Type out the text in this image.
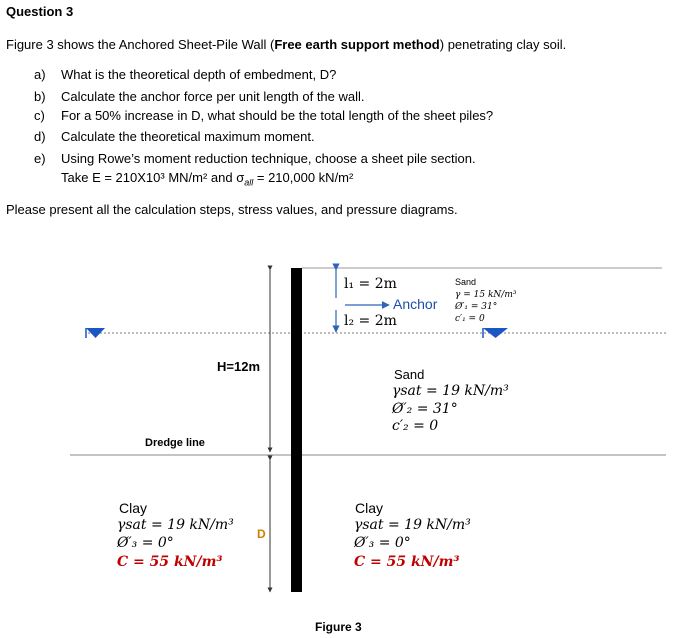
Question 3
Figure 3 shows the Anchored Sheet-Pile Wall (Free earth support method) penetrating clay soil.
a) What is the theoretical depth of embedment, D?
b) Calculate the anchor force per unit length of the wall.
c) For a 50% increase in D, what should be the total length of the sheet piles?
d) Calculate the theoretical maximum moment.
e) Using Rowe’s moment reduction technique, choose a sheet pile section.
Take E = 210X10³ MN/m² and $\sigma_{all} = 210,000$ kN/m²
Please present all the calculation steps, stress values, and pressure diagrams.
H=12m
Dredge line
D
l₁ = 2m
Anchor
l₂ = 2m
Sand
γ = 15 kN/m³
Ø′₁ = 31°
c′₁ = 0
Sand
γsat = 19 kN/m³
Ø′₂ = 31°
c′₂ = 0
Clay
γsat = 19 kN/m³
Ø′₃ = 0°
C = 55 kN/m³
Clay
γsat = 19 kN/m³
Ø′₃ = 0°
C = 55 kN/m³
Figure 3
